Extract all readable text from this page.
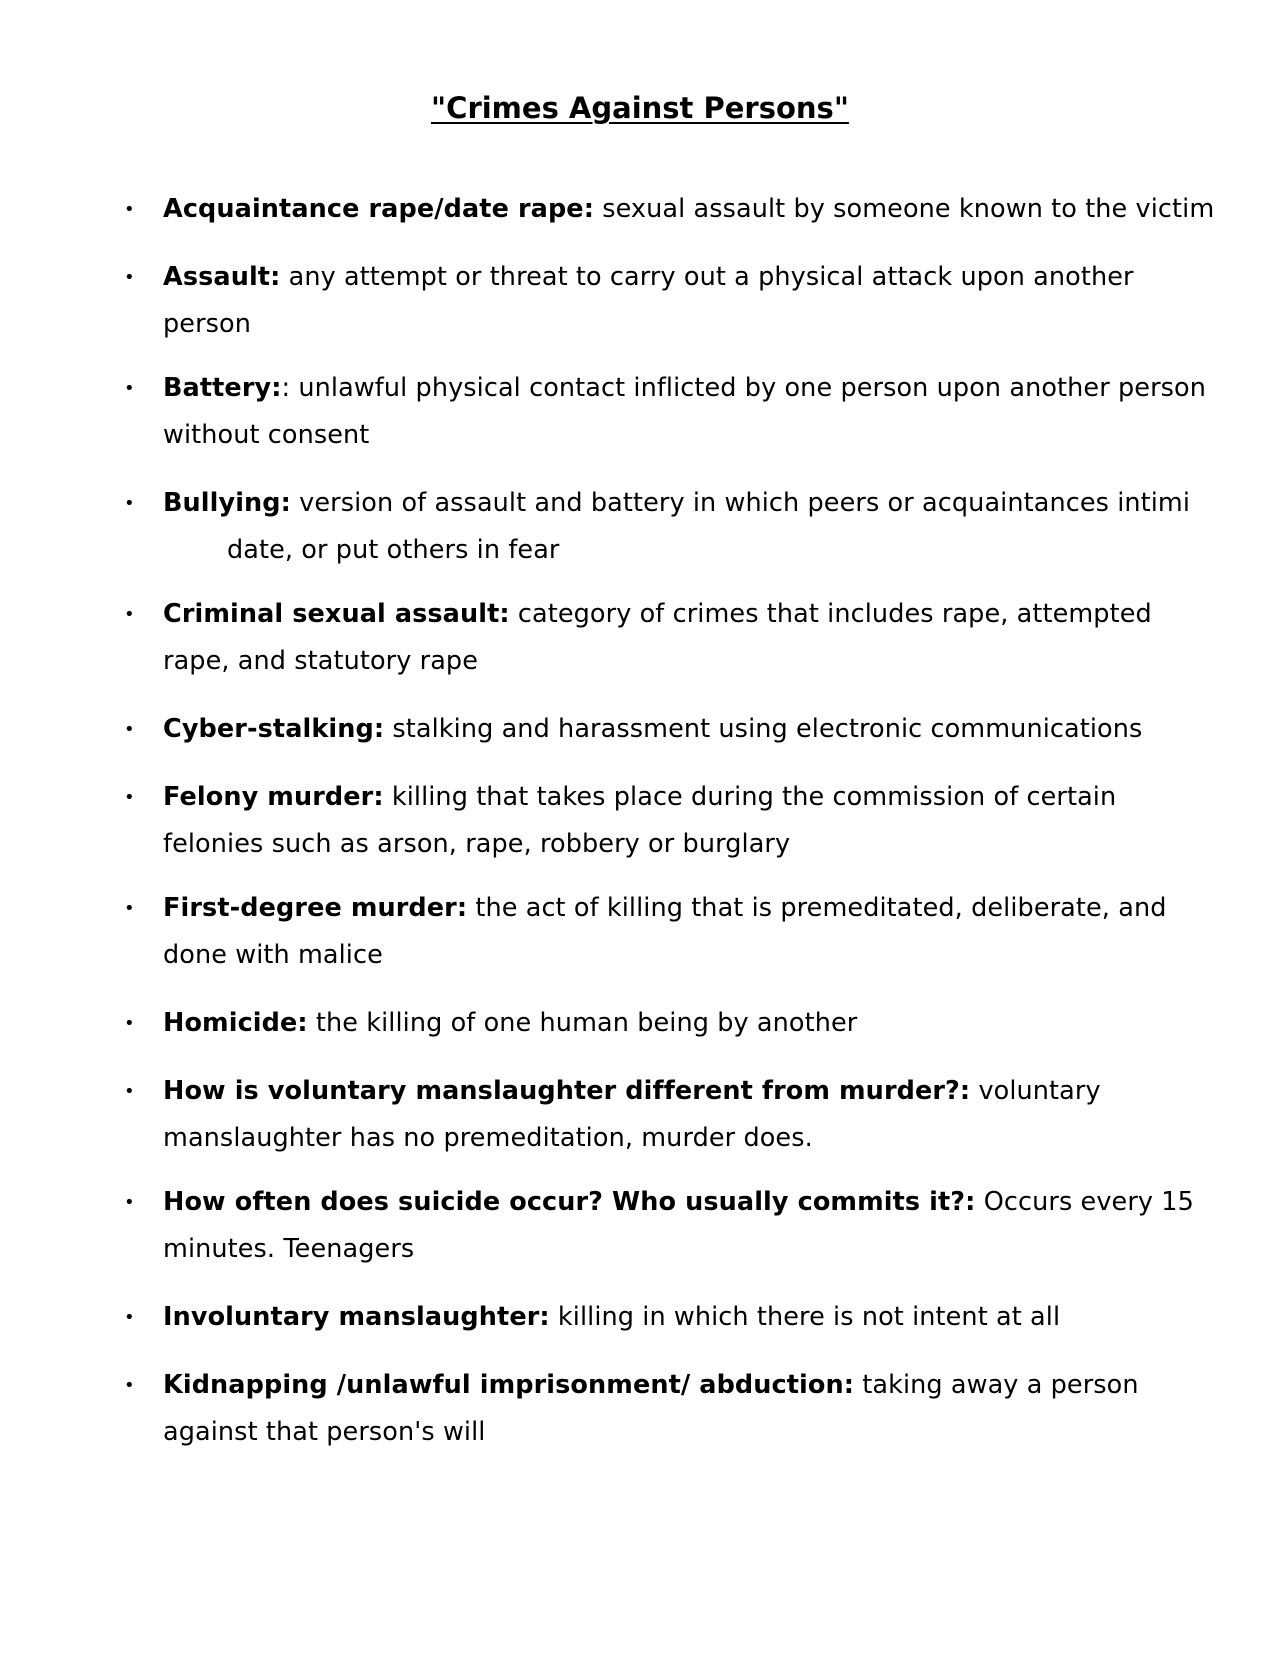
"Crimes Against Persons"
• Acquaintance rape/date rape: sexual assault by someone known to the victim
• Assault: any attempt or threat to carry out a physical attack upon another person
• Battery:: unlawful physical contact inflicted by one person upon another person without consent
• Bullying: version of assault and battery in which peers or acquaintances intimidate, or put others in fear
• Criminal sexual assault: category of crimes that includes rape, attempted rape, and statutory rape
• Cyber-stalking: stalking and harassment using electronic communications
• Felony murder: killing that takes place during the commission of certain felonies such as arson, rape, robbery or burglary
• First-degree murder: the act of killing that is premeditated, deliberate, and done with malice
• Homicide: the killing of one human being by another
• How is voluntary manslaughter different from murder?: voluntary manslaughter has no premeditation, murder does.
• How often does suicide occur? Who usually commits it?: Occurs every 15 minutes. Teenagers
• Involuntary manslaughter: killing in which there is not intent at all
• Kidnapping /unlawful imprisonment/ abduction: taking away a person against that person's will
